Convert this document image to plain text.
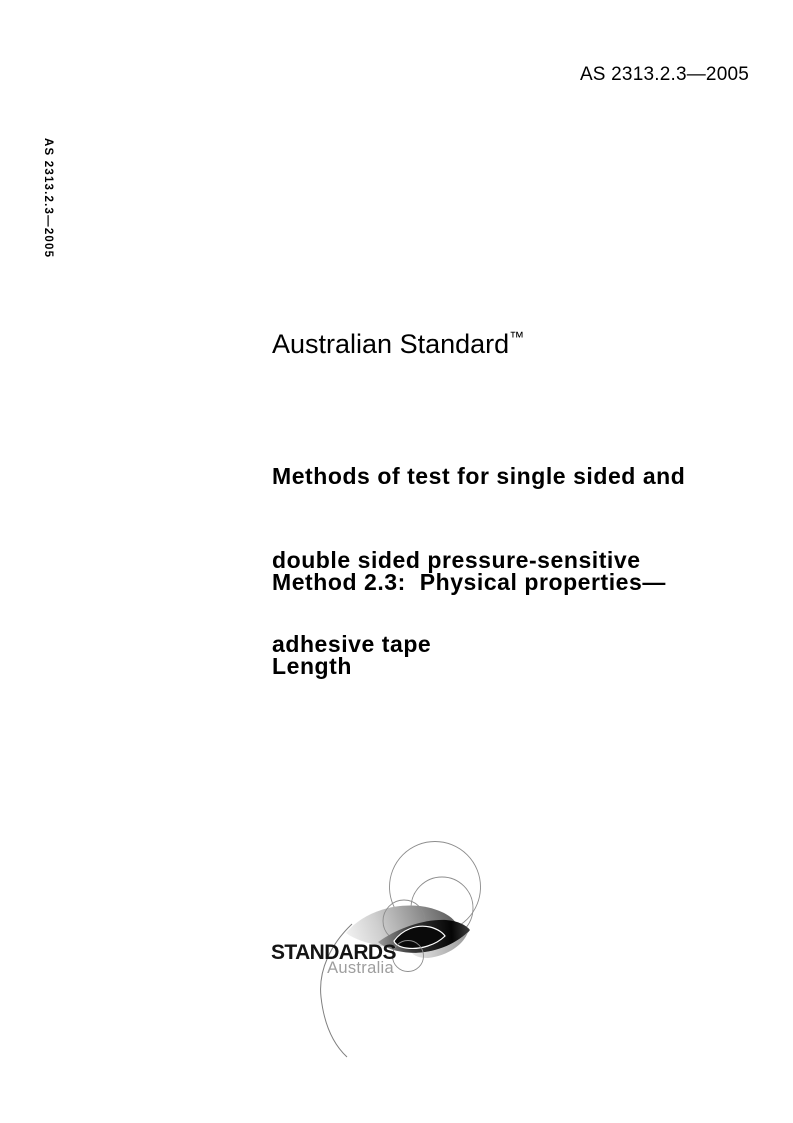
AS 2313.2.3—2005
AS 2313.2.3—2005
Australian Standard™

Methods of test for single sided and

double sided pressure-sensitive

adhesive tape

Method 2.3:  Physical properties—

Length

STANDARDS
Australia
